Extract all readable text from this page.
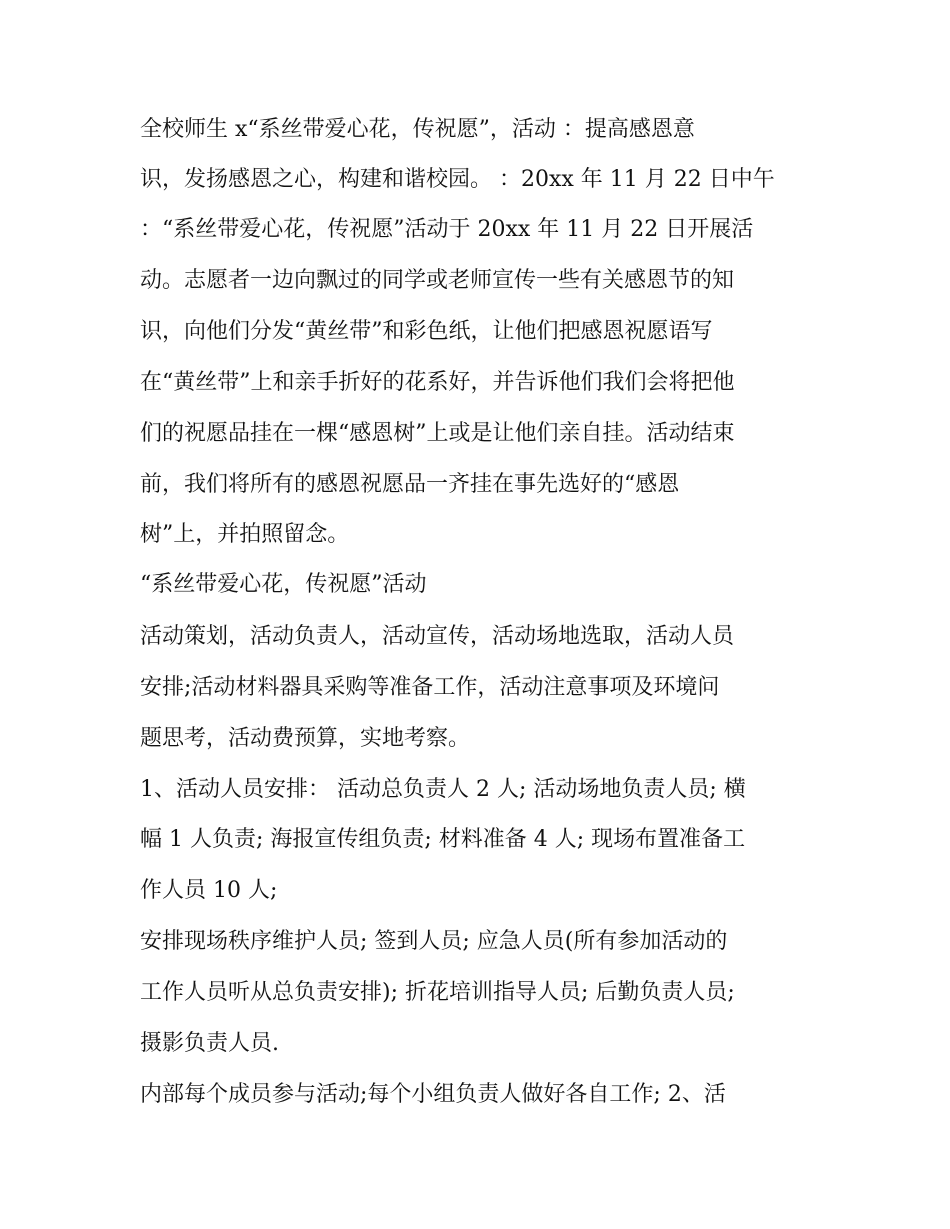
全校师生 x“系丝带爱心花，传祝愿”，活动 ：提高感恩意
识，发扬感恩之心，构建和谐校园。 ：20xx 年 11 月 22 日中午
：“系丝带爱心花，传祝愿”活动于 20xx 年 11 月 22 日开展活
动。志愿者一边向飘过的同学或老师宣传一些有关感恩节的知
识，向他们分发“黄丝带”和彩色纸，让他们把感恩祝愿语写
在“黄丝带”上和亲手折好的花系好，并告诉他们我们会将把他
们的祝愿品挂在一棵“感恩树”上或是让他们亲自挂。活动结束
前，我们将所有的感恩祝愿品一齐挂在事先选好的“感恩
树”上，并拍照留念。
“系丝带爱心花，传祝愿”活动
活动策划，活动负责人，活动宣传，活动场地选取，活动人员
安排;活动材料器具采购等准备工作，活动注意事项及环境问
题思考，活动费预算，实地考察。
1、活动人员安排： 活动总负责人 2 人; 活动场地负责人员; 横
幅 1 人负责; 海报宣传组负责; 材料准备 4 人; 现场布置准备工
作人员 10 人;
安排现场秩序维护人员; 签到人员; 应急人员(所有参加活动的
工作人员听从总负责安排); 折花培训指导人员; 后勤负责人员;
摄影负责人员.
内部每个成员参与活动;每个小组负责人做好各自工作; 2、活
